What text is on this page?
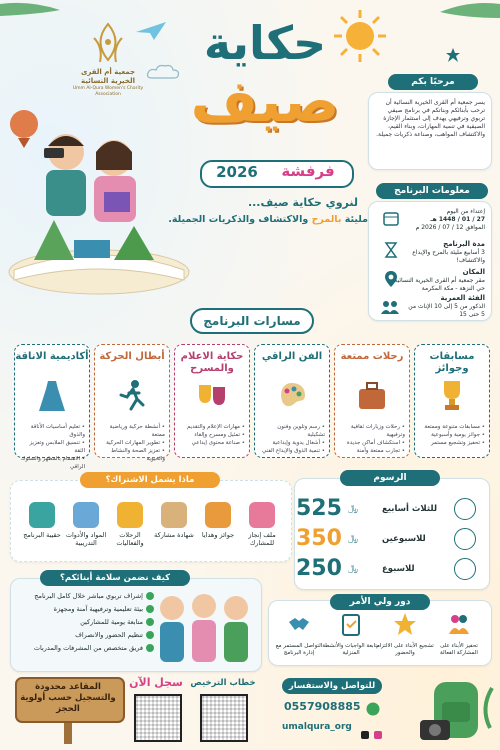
جمعية أم القرى الخيرية النسائية
Umm Al-Qura Women's Charity Association
حكاية
صيف
فرفشة
2026
لنروي حكاية صيف...
مليئة بالمرح والاكتشاف والذكريات الجميلة.
مرحبًا بكم
يسر جمعية أم القرى الخيرية النسائية أن ترحب بأبنائكم وبناتكم في برنامج صيفي تربوي وترفيهي يهدف إلى استثمار الإجازة الصيفية في تنمية المهارات، وبناء القيم، والاكتشاف المواهب، وصناعة ذكريات جميلة.
معلومات البرنامج
إعتداء من اليوم
27 / 01 / 1448 هـ
الموافق 12 / 07 / 2026 م
مدة البرنامج
3 أسابيع مليئة بالمرح والإبداع والاكتشاف!
المكان
مقر جمعية أم القرى الخيرية النسائية حي النزهة - مكة المكرمة
الفئة العمرية
الذكور من 5 إلى 10 الإناث من 5 حتى 15
مسارات البرنامج
مسابقات وجوائز
• مسابقات متنوعة وممتعة
• جوائز يومية وأسبوعية
• تحفيز وتشجيع مستمر
رحلات ممتعة
• رحلات وزيارات ثقافية وترفيهية
• استكشاف أماكن جديدة
• تجارب ممتعة وآمنة
الفن الراقي
• رسم وتلوين وفنون تشكيلية
• أشغال يدوية وإبداعية
• تنمية الذوق والإبداع الفني
حكاية الاعلام والمسرح
• مهارات الإعلام والتقديم
• تمثيل ومسرح وإلقاء
• صناعة محتوى إبداعي
أبطال الحركة
• أنشطة حركية ورياضية ممتعة
• تطوير المهارات الحركية
• تعزيز الصحة والنشاط والحيوية
أكاديمية الاناقة
• تعليم أساسيات الأناقة والذوق
• تنسيق الملابس وتعزيز الثقة
• الاهتمام بالمظهر والسلوك الراقي
ماذا يشمل الاشتراك؟
ملف إنجاز للمشارك
جوائز وهدايا
شهادة مشاركة
الرحلات والفعاليات
المواد والأدوات التدريبية
حقيبة البرنامج
الرسوم
525 ﷼	للثلاث أسابيع
350 ﷼	للاسبوعين
250 ﷼	للاسبوع
كيف نضمن سلامة أبنائكم؟
إشراف تربوي مباشر خلال كامل البرنامج
بيئة تعليمية وترفيهية آمنة ومجهزة
متابعة يومية للمشاركين
تنظيم الحضور والانصراف
فريق متخصص من المشرفات والمدربات
دور ولي الأمر
تحفيز الأبناء على المشاركة الفعالة
تشجيع الأبناء على الالتزام والحضور
متابعة الواجبات والأنشطة المنزلية
التواصل المستمر مع إدارة البرنامج
المقاعد محدودة والتسجيل حسب أولوية الحجز
سجل الآن خطاب الترخيص	للتواصل والاستفسار
0557908885

umalqura_org
